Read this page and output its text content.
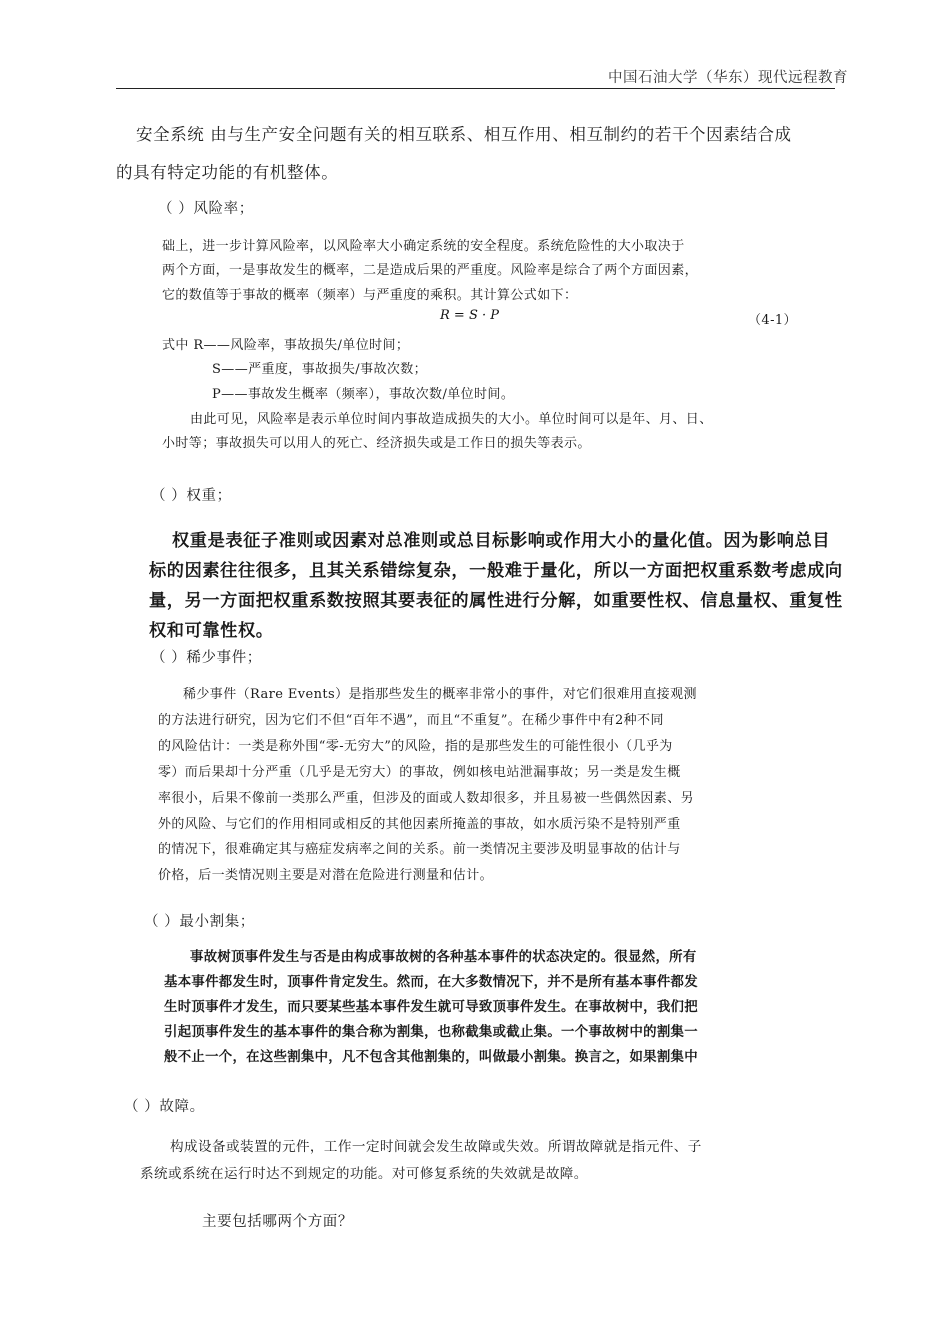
中国石油大学（华东）现代远程教育
安全系统 由与生产安全问题有关的相互联系、相互作用、相互制约的若干个因素结合成
的具有特定功能的有机整体。
（ ）风险率；
础上，进一步计算风险率，以风险率大小确定系统的安全程度。系统危险性的大小取决于
两个方面，一是事故发生的概率，二是造成后果的严重度。风险率是综合了两个方面因素，
它的数值等于事故的概率（频率）与严重度的乘积。其计算公式如下：
R = S · P	（4-1）
式中 R——风险率，事故损失/单位时间；
S——严重度，事故损失/事故次数；
P——事故发生概率（频率），事故次数/单位时间。
由此可见，风险率是表示单位时间内事故造成损失的大小。单位时间可以是年、月、日、
小时等；事故损失可以用人的死亡、经济损失或是工作日的损失等表示。
（ ）权重；
权重是表征子准则或因素对总准则或总目标影响或作用大小的量化值。因为影响总目
标的因素往往很多，且其关系错综复杂，一般难于量化，所以一方面把权重系数考虑成向
量，另一方面把权重系数按照其要表征的属性进行分解，如重要性权、信息量权、重复性
权和可靠性权。
（ ）稀少事件；
稀少事件（Rare Events）是指那些发生的概率非常小的事件，对它们很难用直接观测
的方法进行研究，因为它们不但“百年不遇”，而且“不重复”。在稀少事件中有2种不同
的风险估计：一类是称外围“零-无穷大”的风险，指的是那些发生的可能性很小（几乎为
零）而后果却十分严重（几乎是无穷大）的事故，例如核电站泄漏事故；另一类是发生概
率很小，后果不像前一类那么严重，但涉及的面或人数却很多，并且易被一些偶然因素、另
外的风险、与它们的作用相同或相反的其他因素所掩盖的事故，如水质污染不是特别严重
的情况下，很难确定其与癌症发病率之间的关系。前一类情况主要涉及明显事故的估计与
价格，后一类情况则主要是对潜在危险进行测量和估计。
（ ）最小割集；
事故树顶事件发生与否是由构成事故树的各种基本事件的状态决定的。很显然，所有
基本事件都发生时，顶事件肯定发生。然而，在大多数情况下，并不是所有基本事件都发
生时顶事件才发生，而只要某些基本事件发生就可导致顶事件发生。在事故树中，我们把
引起顶事件发生的基本事件的集合称为割集，也称截集或截止集。一个事故树中的割集一
般不止一个，在这些割集中，凡不包含其他割集的，叫做最小割集。换言之，如果割集中
（ ）故障。
构成设备或装置的元件，工作一定时间就会发生故障或失效。所谓故障就是指元件、子
系统或系统在运行时达不到规定的功能。对可修复系统的失效就是故障。
主要包括哪两个方面？
